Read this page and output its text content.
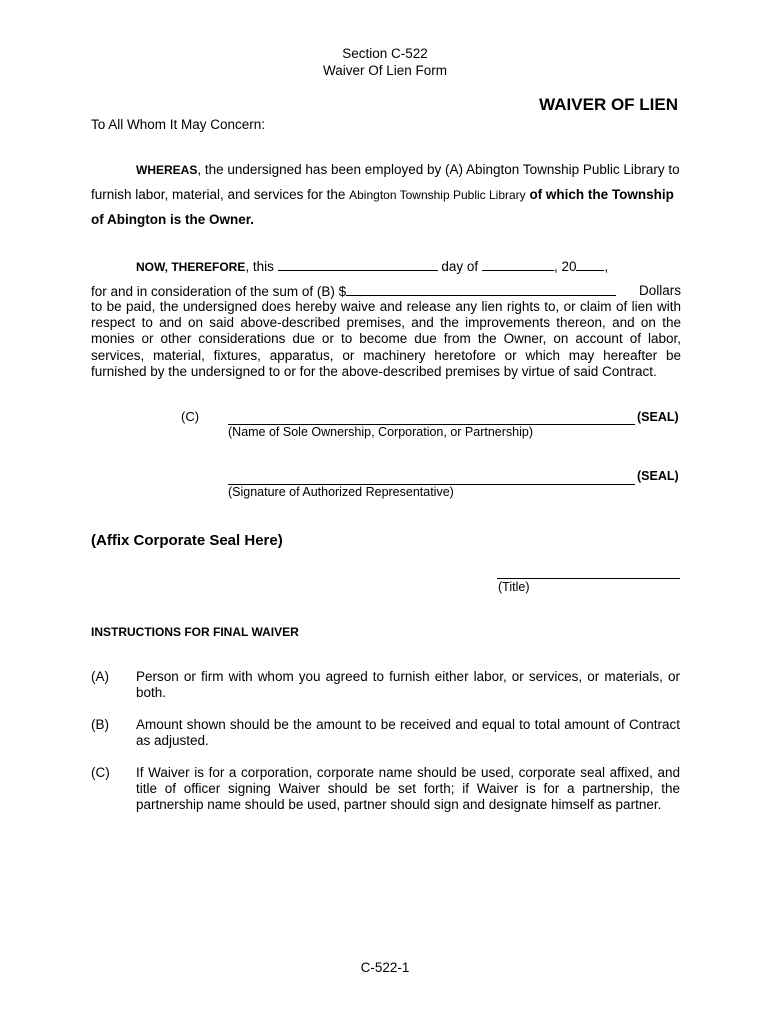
Section C-522
Waiver Of Lien Form
WAIVER OF LIEN
To All Whom It May Concern:
WHEREAS, the undersigned has been employed by (A) Abington Township Public Library to
furnish labor, material, and services for the Abington Township Public Library of which the Township
of Abington is the Owner.
NOW, THEREFORE, this	day of	, 20 ,
for and in consideration of the sum of (B) $	Dollars
to be paid, the undersigned does hereby waive and release any lien rights to, or claim of lien with respect to and on said above-described premises, and the improvements thereon, and on the monies or other considerations due or to become due from the Owner, on account of labor, services, material, fixtures, apparatus, or machinery heretofore or which may hereafter be furnished by the undersigned to or for the above-described premises by virtue of said Contract.
(C)	(SEAL)
(Name of Sole Ownership, Corporation, or Partnership)
(SEAL)
(Signature of Authorized Representative)
(Affix Corporate Seal Here)
(Title)
INSTRUCTIONS FOR FINAL WAIVER
(A) Person or firm with whom you agreed to furnish either labor, or services, or materials, or both.
(B) Amount shown should be the amount to be received and equal to total amount of Contract as adjusted.
(C) If Waiver is for a corporation, corporate name should be used, corporate seal affixed, and title of officer signing Waiver should be set forth; if Waiver is for a partnership, the partnership name should be used, partner should sign and designate himself as partner.
C-522-1
